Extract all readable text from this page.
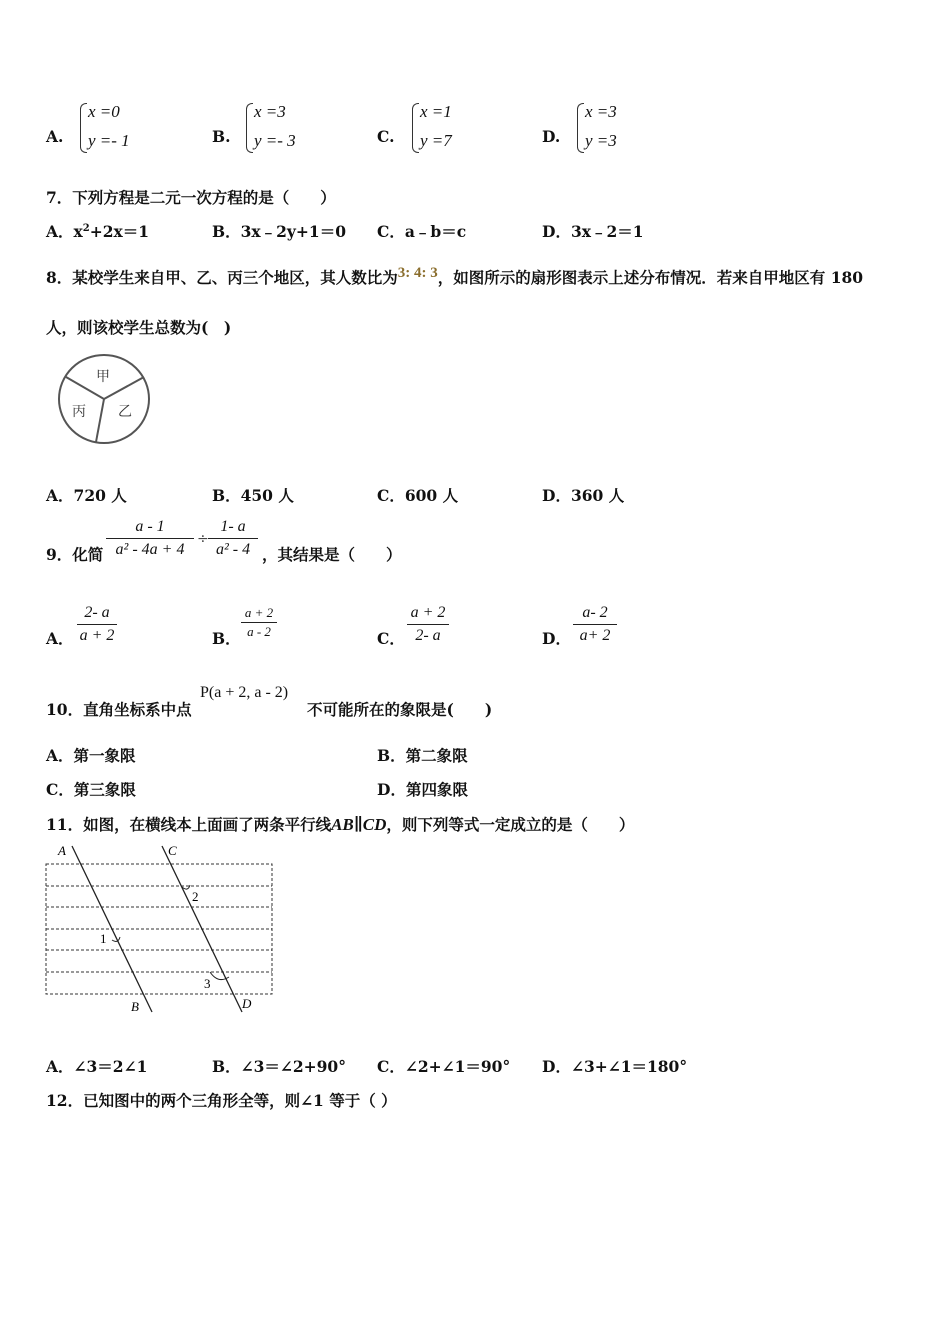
A.
x =0
y =- 1	B.
x =3
y =- 3	C.
x =1
y =7	D.
x =3
y =3
7．下列方程是二元一次方程的是（　　）
A．$x^2+2x=1$	B．3x﹣2y+1＝0 C．a﹣b＝c	D．3x﹣2＝1
8．某校学生来自甲、乙、丙三个地区，其人数比为3: 4: 3，如图所示的扇形图表示上述分布情况．若来自甲地区有 180
人，则该校学生总数为(　)
甲
丙 乙
A．720 人	B．450 人	C．600 人	D．360 人
9．化简
a - 1
a² - 4a + 4
÷
1- a
a² - 4 ，其结果是（　　）
A．
2- a
a + 2	B．
a + 2
a - 2	C．
a + 2
2- a	D．
a- 2
a+ 2
10．直角坐标系中点
P(a + 2, a - 2)
不可能所在的象限是(　　)
A．第一象限	B．第二象限
C．第三象限	D．第四象限
11．如图，在横线本上面画了两条平行线AB∥CD，则下列等式一定成立的是（　　）
A	C
B	D
1
2
3
A．∠3＝2∠1	B．∠3＝∠2+90° C．∠2+∠1＝90° D．∠3+∠1＝180°
12．已知图中的两个三角形全等，则∠1 等于（ ）
